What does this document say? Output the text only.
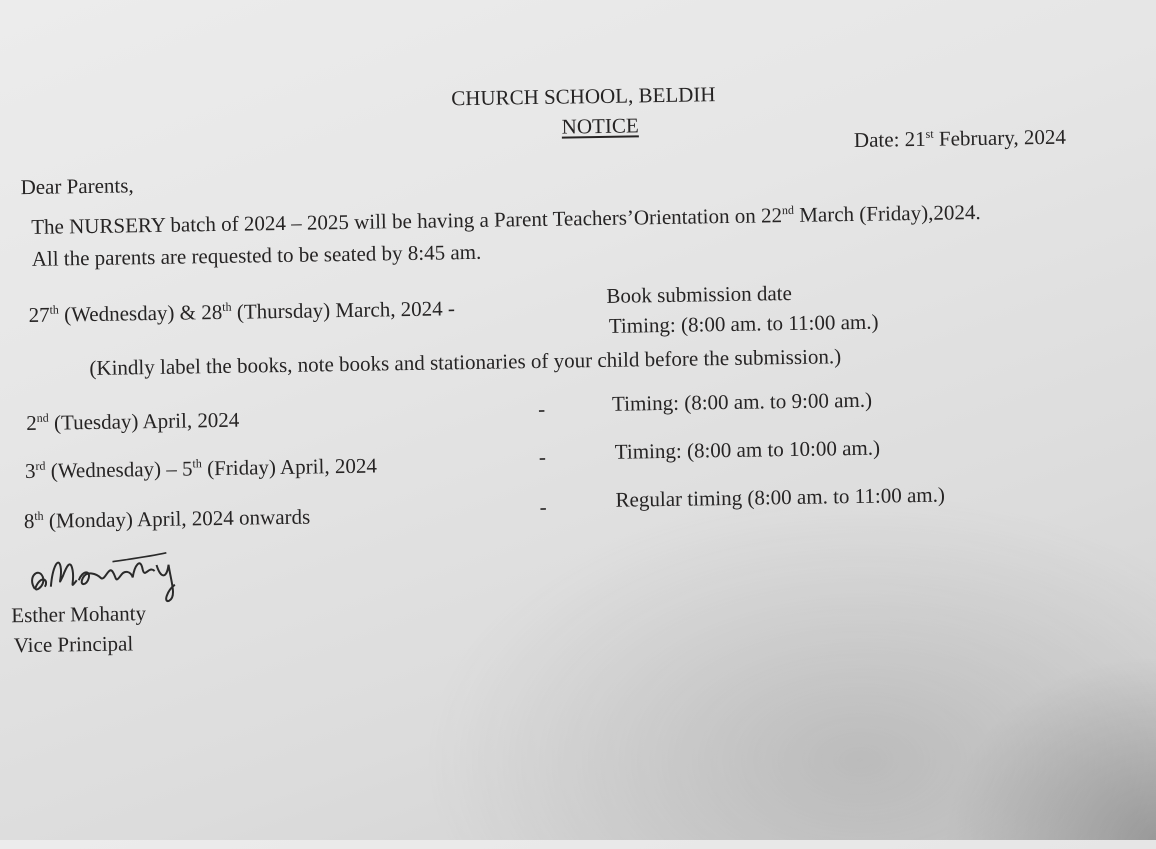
CHURCH SCHOOL, BELDIH
NOTICE
Date: 21st February, 2024
Dear Parents,
The NURSERY batch of 2024 – 2025 will be having a Parent Teachers’Orientation on 22nd March (Friday),2024.
All the parents are requested to be seated by 8:45 am.
27th (Wednesday) & 28th (Thursday) March, 2024 -
Book submission date
Timing: (8:00 am. to 11:00 am.)
(Kindly label the books, note books and stationaries of your child before the submission.)
2nd (Tuesday) April, 2024	-	Timing: (8:00 am. to 9:00 am.)
3rd (Wednesday) – 5th (Friday) April, 2024	-	Timing: (8:00 am to 10:00 am.)
8th (Monday) April, 2024 onwards	-	Regular timing (8:00 am. to 11:00 am.)
Esther Mohanty
Vice Principal
